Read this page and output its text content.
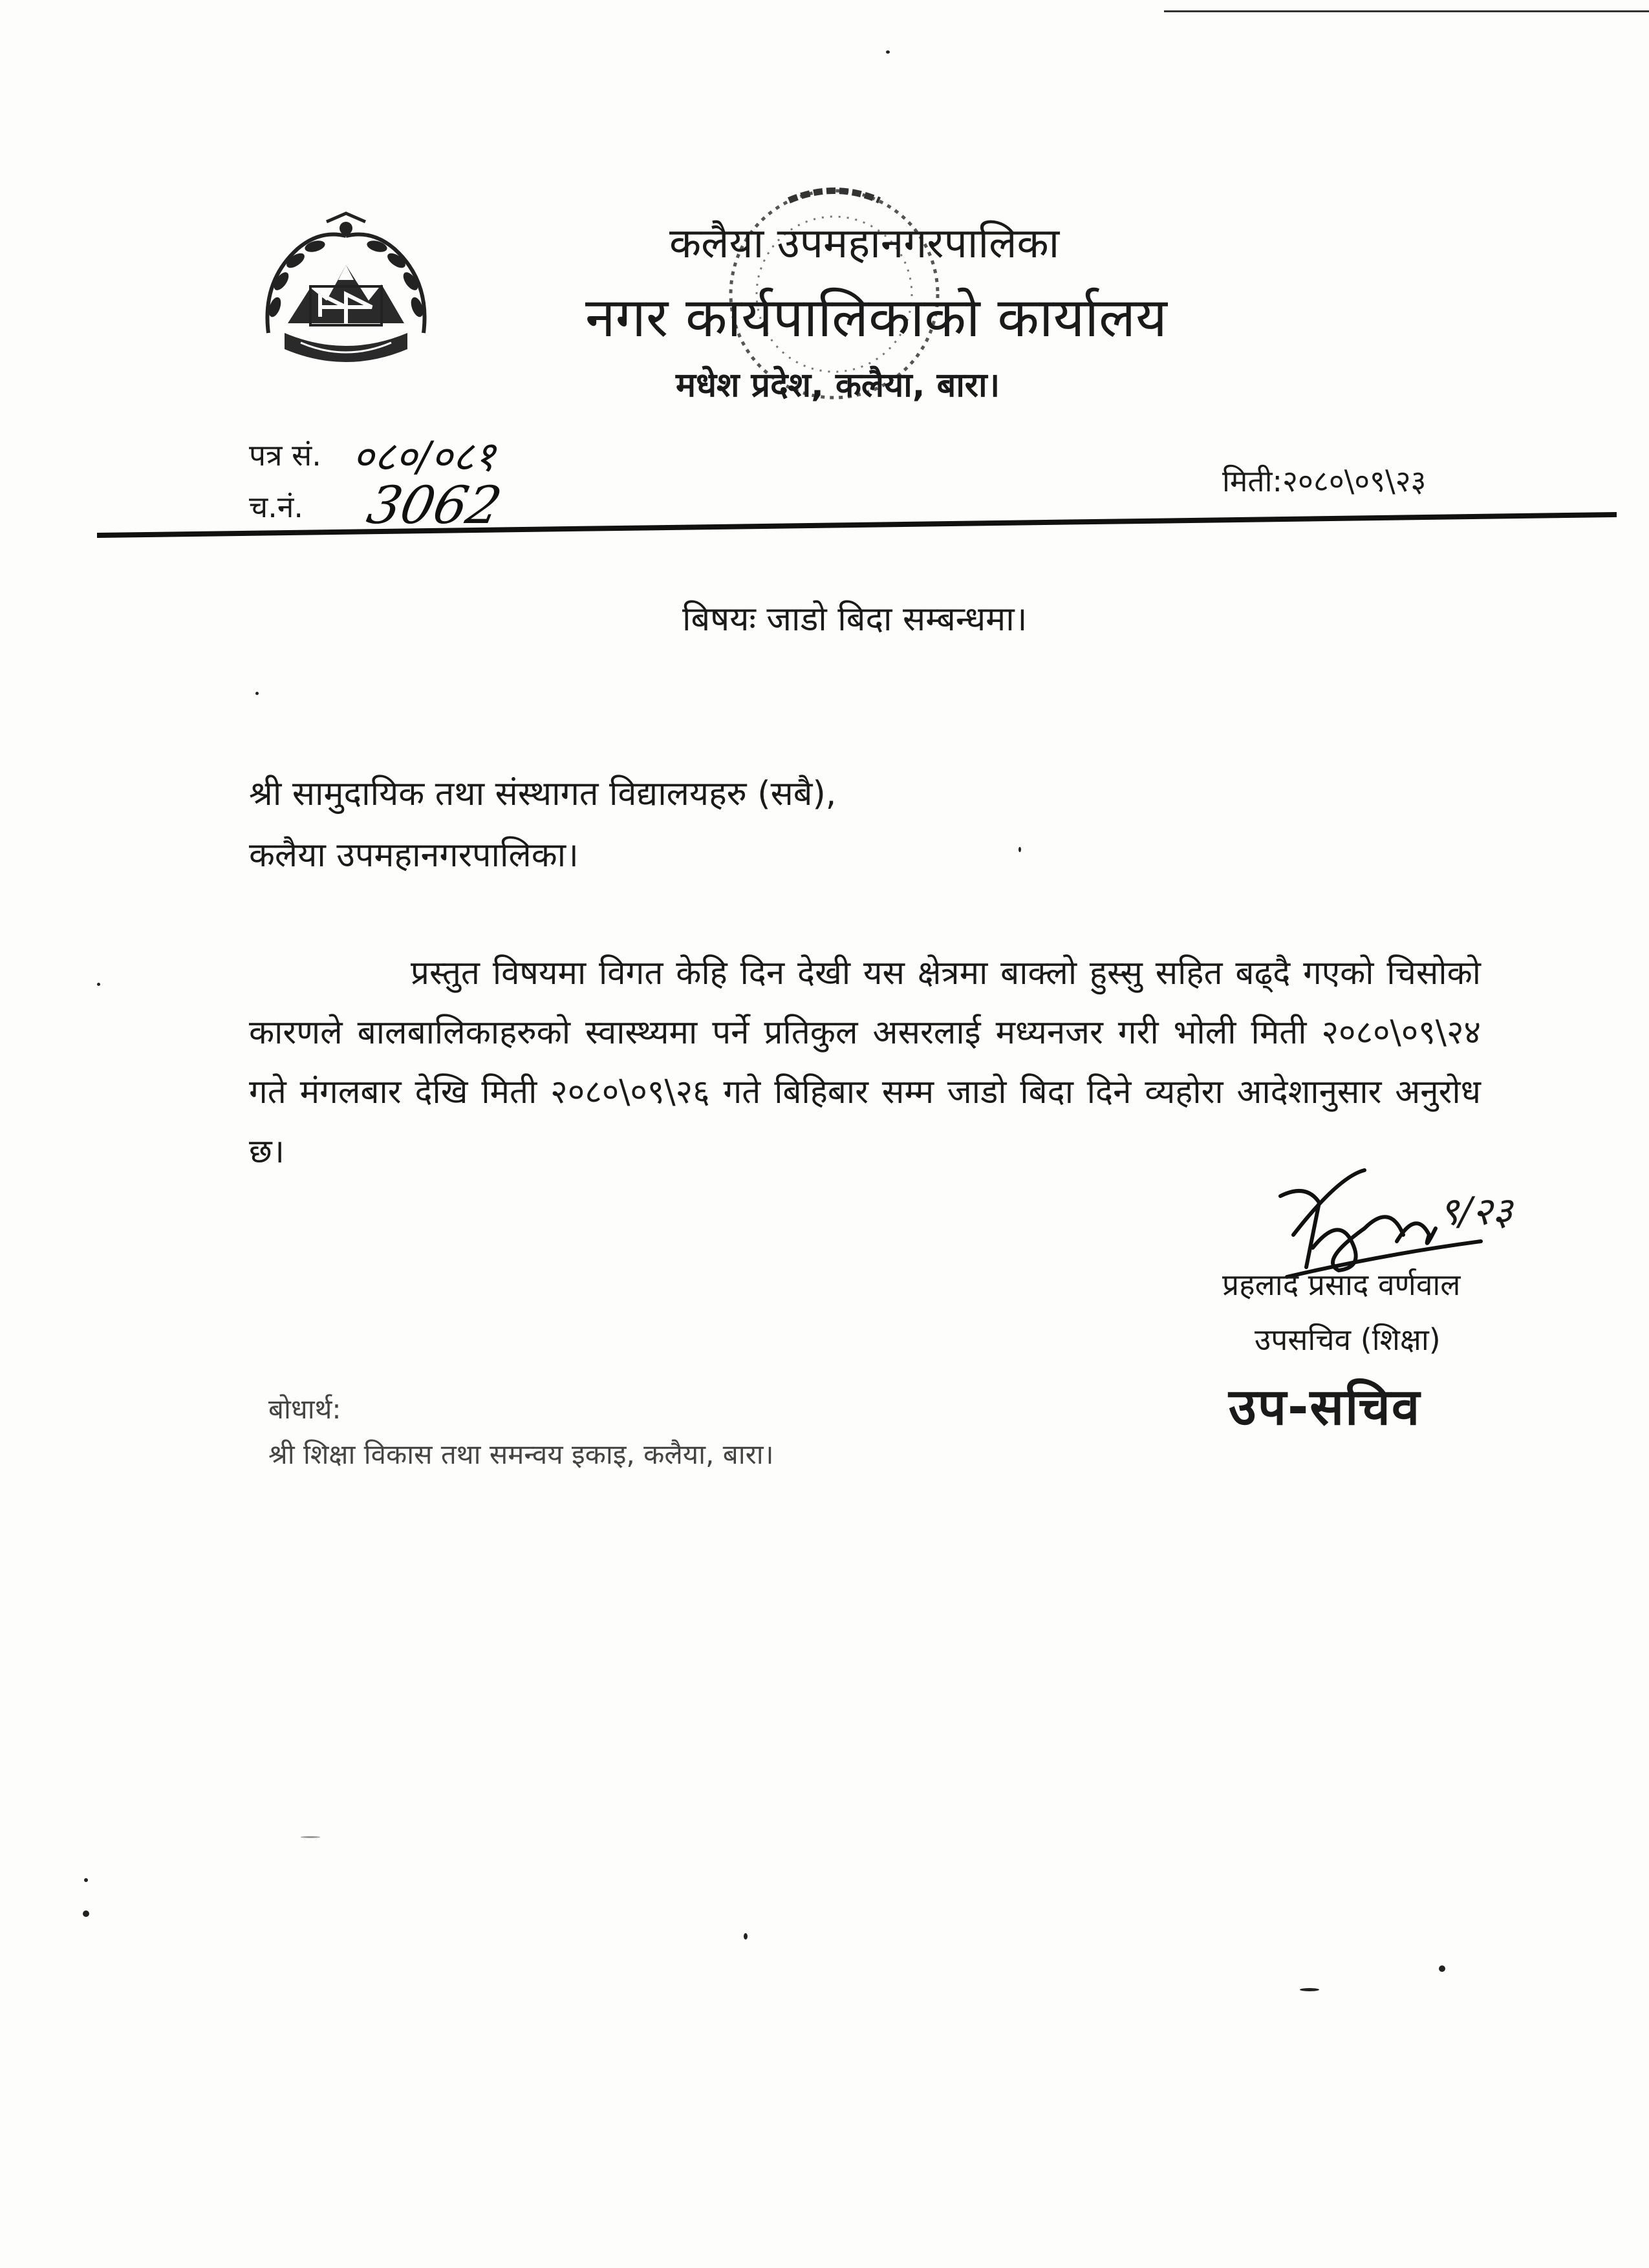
कलैया उपमहानगरपालिका
नगर कार्यपालिकाको कार्यालय
मधेश प्रदेश, कलैया, बारा।
पत्र सं. ०८०/०८१
च.नं. 3062	मिती:२०८०\०९\२३
बिषयः जाडो बिदा सम्बन्धमा।
श्री सामुदायिक तथा संस्थागत विद्यालयहरु (सबै),
कलैया उपमहानगरपालिका।
प्रस्तुत विषयमा विगत केहि दिन देखी यस क्षेत्रमा बाक्लो हुस्सु सहित बढ्दै गएको चिसोको कारणले बालबालिकाहरुको स्वास्थ्यमा पर्ने प्रतिकुल असरलाई मध्यनजर गरी भोली मिती २०८०\०९\२४ गते मंगलबार देखि मिती २०८०\०९\२६ गते बिहिबार सम्म जाडो बिदा दिने व्यहोरा आदेशानुसार अनुरोध छ।
९/२३
प्रहलाद प्रसाद वर्णवाल
उपसचिव (शिक्षा)
उप-सचिव
बोधार्थ:
श्री शिक्षा विकास तथा समन्वय इकाइ, कलैया, बारा।
